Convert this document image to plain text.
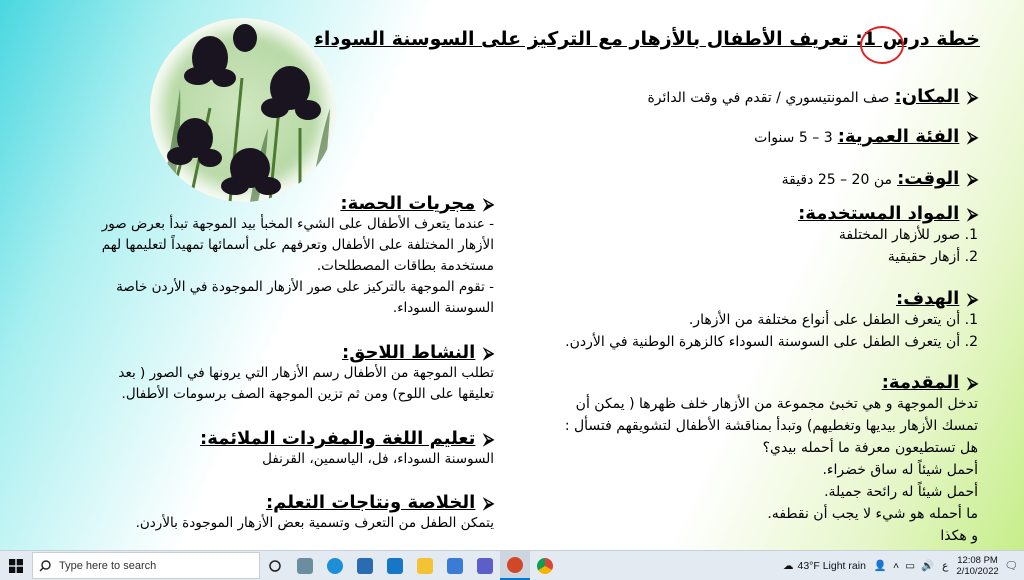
خطة درس 1: تعريف الأطفال بالأزهار مع التركيز على السوسنة السوداء
⮚المكان: صف المونتيسوري / تقدم في وقت الدائرة
⮚الفئة العمرية: 3 – 5 سنوات
⮚الوقت: من 20 – 25 دقيقة
⮚المواد المستخدمة:
1. صور للأزهار المختلفة
2. أزهار حقيقية
⮚الهدف:
1. أن يتعرف الطفل على أنواع مختلفة من الأزهار.
2. أن يتعرف الطفل على السوسنة السوداء كالزهرة الوطنية في الأردن.
⮚المقدمة:
تدخل الموجهة و هي تخبئ مجموعة من الأزهار خلف ظهرها ( يمكن أن
تمسك الأزهار بيديها وتغطيهم) وتبدأ بمناقشة الأطفال لتشويقهم فتسأل :
هل تستطيعون معرفة ما أحمله بيدي؟
أحمل شيئاً له ساق خضراء.
أحمل شيئاً له رائحة جميلة.
ما أحمله هو شيء لا يجب أن نقطفه.
و هكذا
⮚مجريات الحصة:
- عندما يتعرف الأطفال على الشيء المخبأ بيد الموجهة تبدأ بعرض صور
الأزهار المختلفة على الأطفال وتعرفهم على أسمائها تمهيداً لتعليمها لهم
مستخدمة بطاقات المصطلحات.
- تقوم الموجهة بالتركيز على صور الأزهار الموجودة في الأردن خاصة
السوسنة السوداء.
⮚النشاط اللاحق:
تطلب الموجهة من الأطفال رسم الأزهار التي يرونها في الصور ( بعد
تعليقها على اللوح) ومن ثم تزين الموجهة الصف برسومات الأطفال.
⮚تعليم اللغة والمفردات الملائمة:
السوسنة السوداء، فل، الياسمين، القرنفل
⮚الخلاصة ونتاجات التعلم:
يتمكن الطفل من التعرف وتسمية بعض الأزهار الموجودة بالأردن.
Type here to search	☁ 43°F Light rain 👤 ˄ ▭ 🔊 ع 12:08 PM
2/10/2022 🗨
